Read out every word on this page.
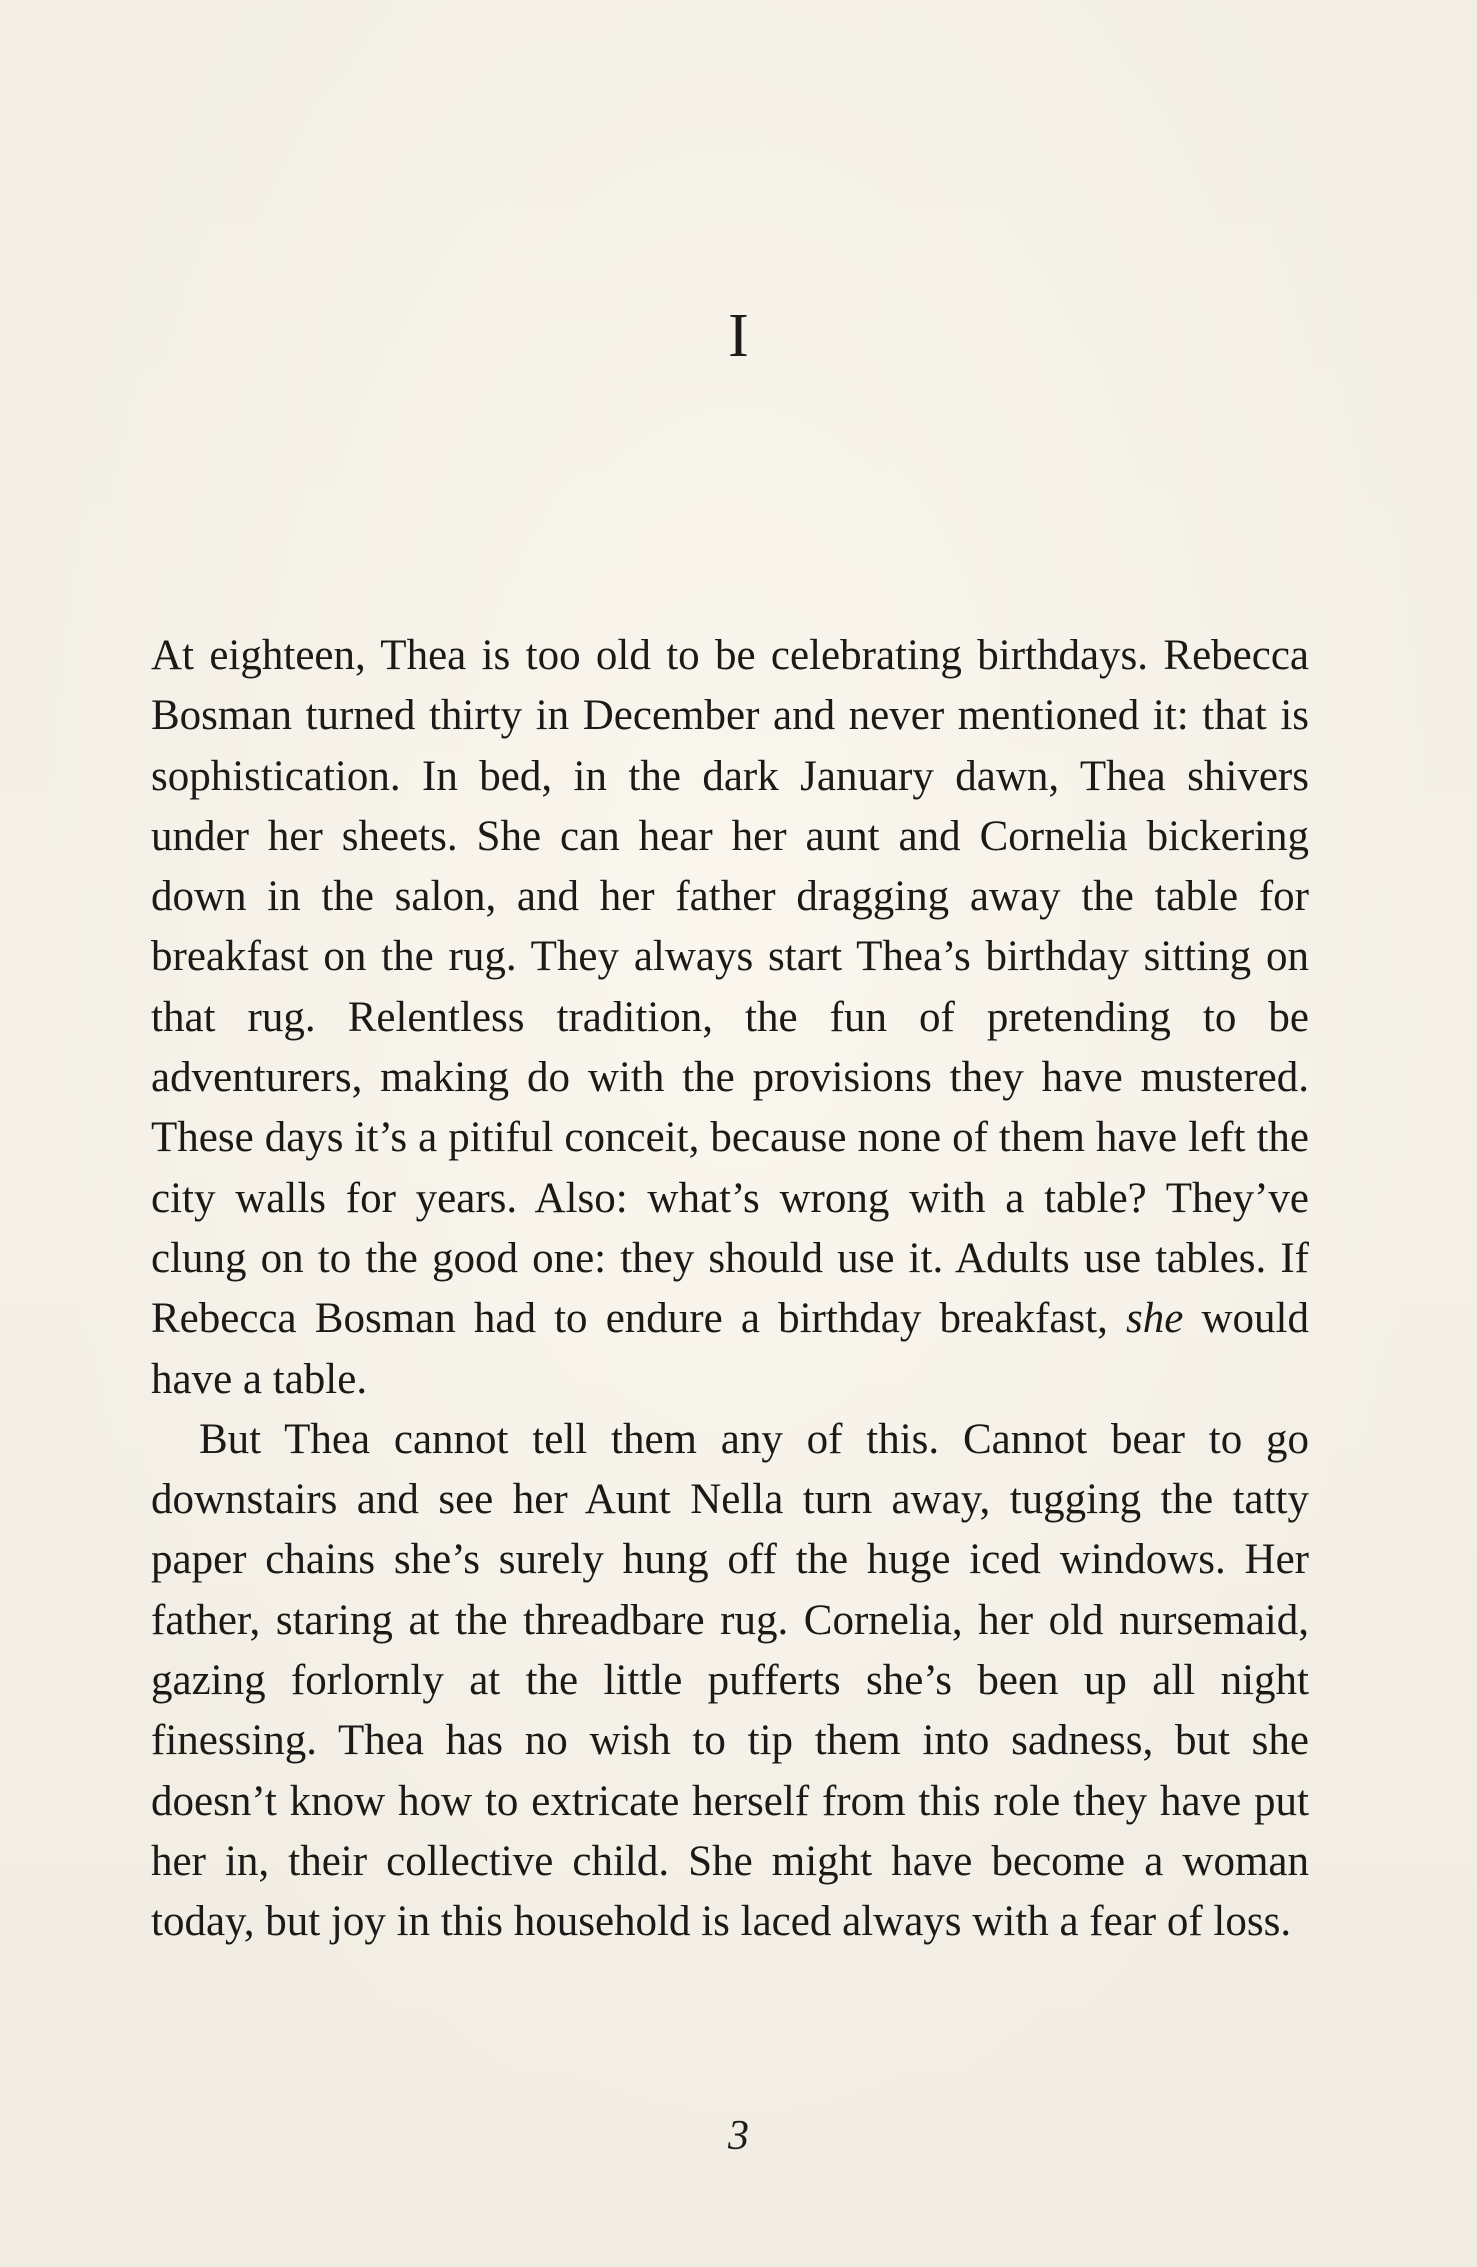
I

At eighteen, Thea is too old to be celebrating birthdays. Rebecca Bosman turned thirty in December and never mentioned it: that is sophistication. In bed, in the dark January dawn, Thea shivers under her sheets. She can hear her aunt and Cornelia bickering down in the salon, and her father dragging away the table for breakfast on the rug. They always start Thea’s birthday sitting on that rug. Relentless tradition, the fun of pretending to be adventurers, making do with the provisions they have mustered. These days it’s a pitiful conceit, because none of them have left the city walls for years. Also: what’s wrong with a table? They’ve clung on to the good one: they should use it. Adults use tables. If Rebecca Bosman had to endure a birthday breakfast, she would have a table.

But Thea cannot tell them any of this. Cannot bear to go downstairs and see her Aunt Nella turn away, tugging the tatty paper chains she’s surely hung off the huge iced windows. Her father, staring at the threadbare rug. Cornelia, her old nursemaid, gazing forlornly at the little pufferts she’s been up all night finessing. Thea has no wish to tip them into sadness, but she doesn’t know how to extricate herself from this role they have put her in, their collective child. She might have become a woman today, but joy in this household is laced always with a fear of loss.

3
